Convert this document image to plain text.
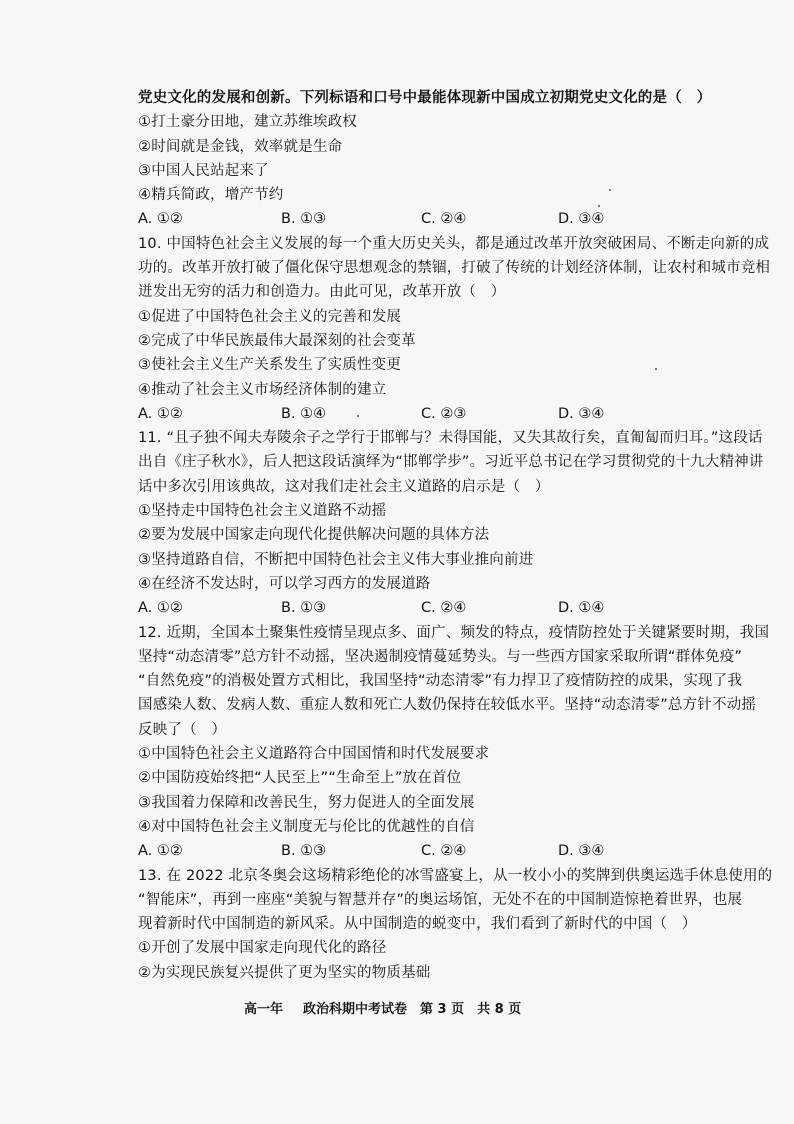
党史文化的发展和创新。下列标语和口号中最能体现新中国成立初期党史文化的是（　）
①打土豪分田地，建立苏维埃政权
②时间就是金钱，效率就是生命
③中国人民站起来了
④精兵简政，增产节约
A. ①②	B. ①③	C. ②④	D. ③④
10. 中国特色社会主义发展的每一个重大历史关头，都是通过改革开放突破困局、不断走向新的成
功的。改革开放打破了僵化保守思想观念的禁锢，打破了传统的计划经济体制，让农村和城市竞相
迸发出无穷的活力和创造力。由此可见，改革开放（　）
①促进了中国特色社会主义的完善和发展
②完成了中华民族最伟大最深刻的社会变革
③使社会主义生产关系发生了实质性变更
④推动了社会主义市场经济体制的建立
A. ①②	B. ①④	C. ②③	D. ③④
11. “且子独不闻夫寿陵余子之学行于邯郸与？未得国能，又失其故行矣，直匍匐而归耳。”这段话
出自《庄子秋水》，后人把这段话演绎为“邯郸学步”。习近平总书记在学习贯彻党的十九大精神讲
话中多次引用该典故，这对我们走社会主义道路的启示是（　）
①坚持走中国特色社会主义道路不动摇
②要为发展中国家走向现代化提供解决问题的具体方法
③坚持道路自信，不断把中国特色社会主义伟大事业推向前进
④在经济不发达时，可以学习西方的发展道路
A. ①②	B. ①③	C. ②④	D. ①④
12. 近期，全国本土聚集性疫情呈现点多、面广、频发的特点，疫情防控处于关键紧要时期，我国
坚持“动态清零”总方针不动摇，坚决遏制疫情蔓延势头。与一些西方国家采取所谓“群体免疫”
“自然免疫”的消极处置方式相比，我国坚持“动态清零”有力捍卫了疫情防控的成果，实现了我
国感染人数、发病人数、重症人数和死亡人数仍保持在较低水平。坚持“动态清零”总方针不动摇
反映了（　）
①中国特色社会主义道路符合中国国情和时代发展要求
②中国防疫始终把“人民至上”“生命至上”放在首位
③我国着力保障和改善民生，努力促进人的全面发展
④对中国特色社会主义制度无与伦比的优越性的自信
A. ①②	B. ①③	C. ②④	D. ③④
13. 在 2022 北京冬奥会这场精彩绝伦的冰雪盛宴上，从一枚小小的奖牌到供奥运选手休息使用的
“智能床”，再到一座座“美貌与智慧并存”的奥运场馆，无处不在的中国制造惊艳着世界，也展
现着新时代中国制造的新风采。从中国制造的蜕变中，我们看到了新时代的中国（　）
①开创了发展中国家走向现代化的路径
②为实现民族复兴提供了更为坚实的物质基础
高一年 政治科期中考试卷　第 3 页　共 8 页
